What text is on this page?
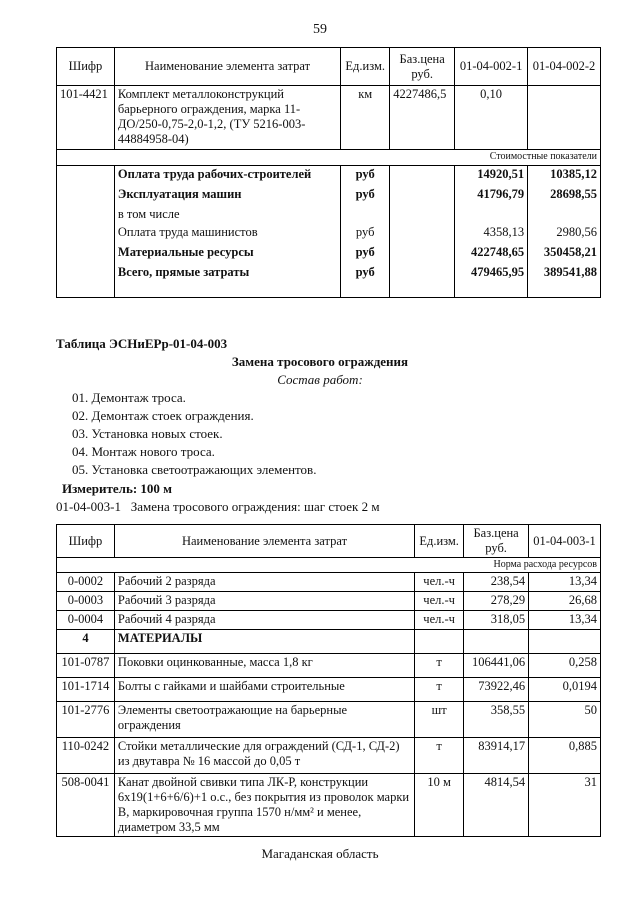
59
Шифр	Наименование элемента затрат	Ед.изм.	Баз.цена руб.	01-04-002-1	01-04-002-2
101-4421	Комплект металлоконструкций барьерного ограждения, марка 11-ДО/250-0,75-2,0-1,2, (ТУ 5216-003-44884958-04)	км	4227486,5	0,10	
Стоимостные показатели					
	Оплата труда рабочих-строителей	руб		14920,51	10385,12
	Эксплуатация машин	руб		41796,79	28698,55
	в том числе				
	Оплата труда машинистов	руб		4358,13	2980,56
	Материальные ресурсы	руб		422748,65	350458,21
	Всего, прямые затраты	руб		479465,95	389541,88
Таблица ЭСНиЕРр-01-04-003
Замена тросового ограждения
Состав работ:
01. Демонтаж троса.
02. Демонтаж стоек ограждения.
03. Установка новых стоек.
04. Монтаж нового троса.
05. Установка светоотражающих элементов.
Измеритель: 100 м
01-04-003-1   Замена тросового ограждения: шаг стоек 2 м
Шифр	Наименование элемента затрат	Ед.изм.	Баз.цена руб.	01-04-003-1
Норма расхода ресурсов				
0-0002	Рабочий 2 разряда	чел.-ч	238,54	13,34
0-0003	Рабочий 3 разряда	чел.-ч	278,29	26,68
0-0004	Рабочий 4 разряда	чел.-ч	318,05	13,34
4	МАТЕРИАЛЫ			
101-0787	Поковки оцинкованные, масса 1,8 кг	т	106441,06	0,258
101-1714	Болты с гайками и шайбами строительные	т	73922,46	0,0194
101-2776	Элементы светоотражающие на барьерные ограждения	шт	358,55	50
110-0242	Стойки металлические для ограждений (СД-1, СД-2) из двутавра № 16 массой до 0,05 т	т	83914,17	0,885
508-0041	Канат двойной свивки типа ЛК-Р, конструкции 6х19(1+6+6/6)+1 о.с., без покрытия из проволок марки В, маркировочная группа 1570 н/мм² и менее, диаметром 33,5 мм	10 м	4814,54	31
Магаданская область
